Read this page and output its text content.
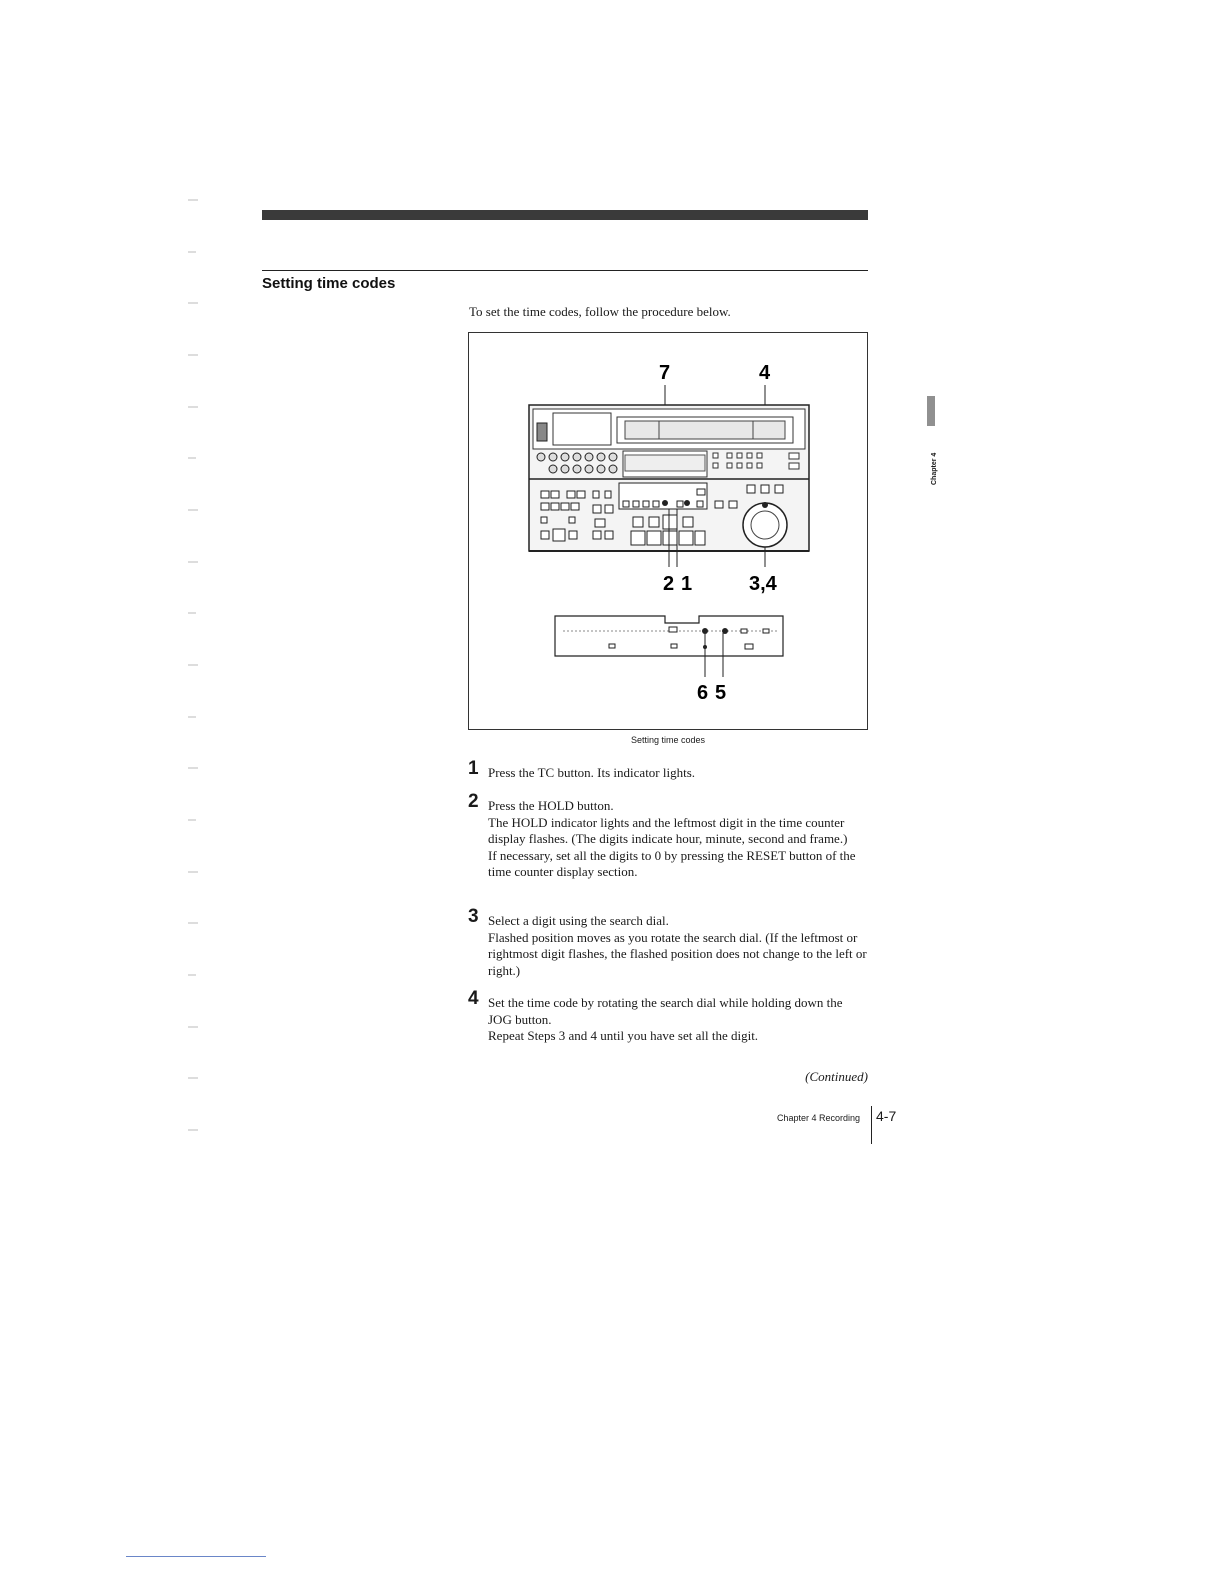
Setting time codes
To set the time codes, follow the procedure below.
7	4
2 1	3,4
6 5
Setting time codes
1 Press the TC button. Its indicator lights.

2 Press the HOLD button.

The HOLD indicator lights and the leftmost digit in the time counter display flashes. (The digits indicate hour, minute, second and frame.)

If necessary, set all the digits to 0 by pressing the RESET button of the time counter display section.

3 Select a digit using the search dial.

Flashed position moves as you rotate the search dial. (If the leftmost or rightmost digit flashes, the flashed position does not change to the left or right.)

4 Set the time code by rotating the search dial while holding down the JOG button.

Repeat Steps 3 and 4 until you have set all the digit.

(Continued)
Chapter 4 Recording 4-7
Chapter 4
